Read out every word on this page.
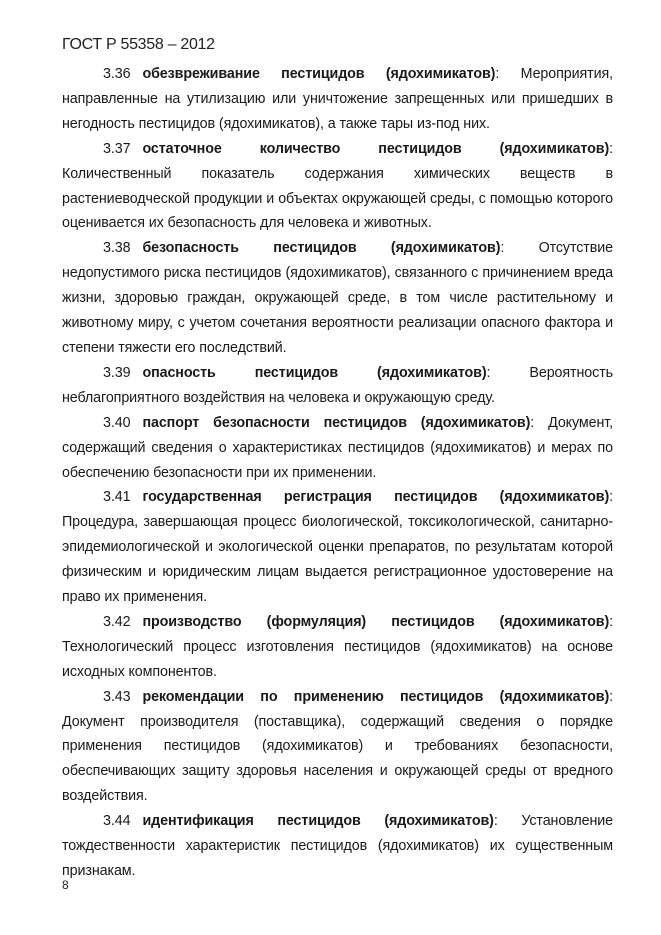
ГОСТ Р 55358 – 2012

3.36 обезвреживание пестицидов (ядохимикатов): Мероприятия, направленные на утилизацию или уничтожение запрещенных или пришедших в негодность пестицидов (ядохимикатов), а также тары из-под них.

3.37 остаточное количество пестицидов (ядохимикатов): Количественный показатель содержания химических веществ в растениеводческой продукции и объектах окружающей среды, с помощью которого оценивается их безопасность для человека и животных.

3.38 безопасность пестицидов (ядохимикатов): Отсутствие недопустимого риска пестицидов (ядохимикатов), связанного с причинением вреда жизни, здоровью граждан, окружающей среде, в том числе растительному и животному миру, с учетом сочетания вероятности реализации опасного фактора и степени тяжести его последствий.

3.39 опасность пестицидов (ядохимикатов): Вероятность неблагоприятного воздействия на человека и окружающую среду.

3.40 паспорт безопасности пестицидов (ядохимикатов): Документ, содержащий сведения о характеристиках пестицидов (ядохимикатов) и мерах по обеспечению безопасности при их применении.

3.41 государственная регистрация пестицидов (ядохимикатов): Процедура, завершающая процесс биологической, токсикологической, санитарно-эпидемиологической и экологической оценки препаратов, по результатам которой физическим и юридическим лицам выдается регистрационное удостоверение на право их применения.

3.42 производство (формуляция) пестицидов (ядохимикатов): Технологический процесс изготовления пестицидов (ядохимикатов) на основе исходных компонентов.

3.43 рекомендации по применению пестицидов (ядохимикатов): Документ производителя (поставщика), содержащий сведения о порядке применения пестицидов (ядохимикатов) и требованиях безопасности, обеспечивающих защиту здоровья населения и окружающей среды от вредного воздействия.

3.44 идентификация пестицидов (ядохимикатов): Установление тождественности характеристик пестицидов (ядохимикатов) их существенным признакам.

8
